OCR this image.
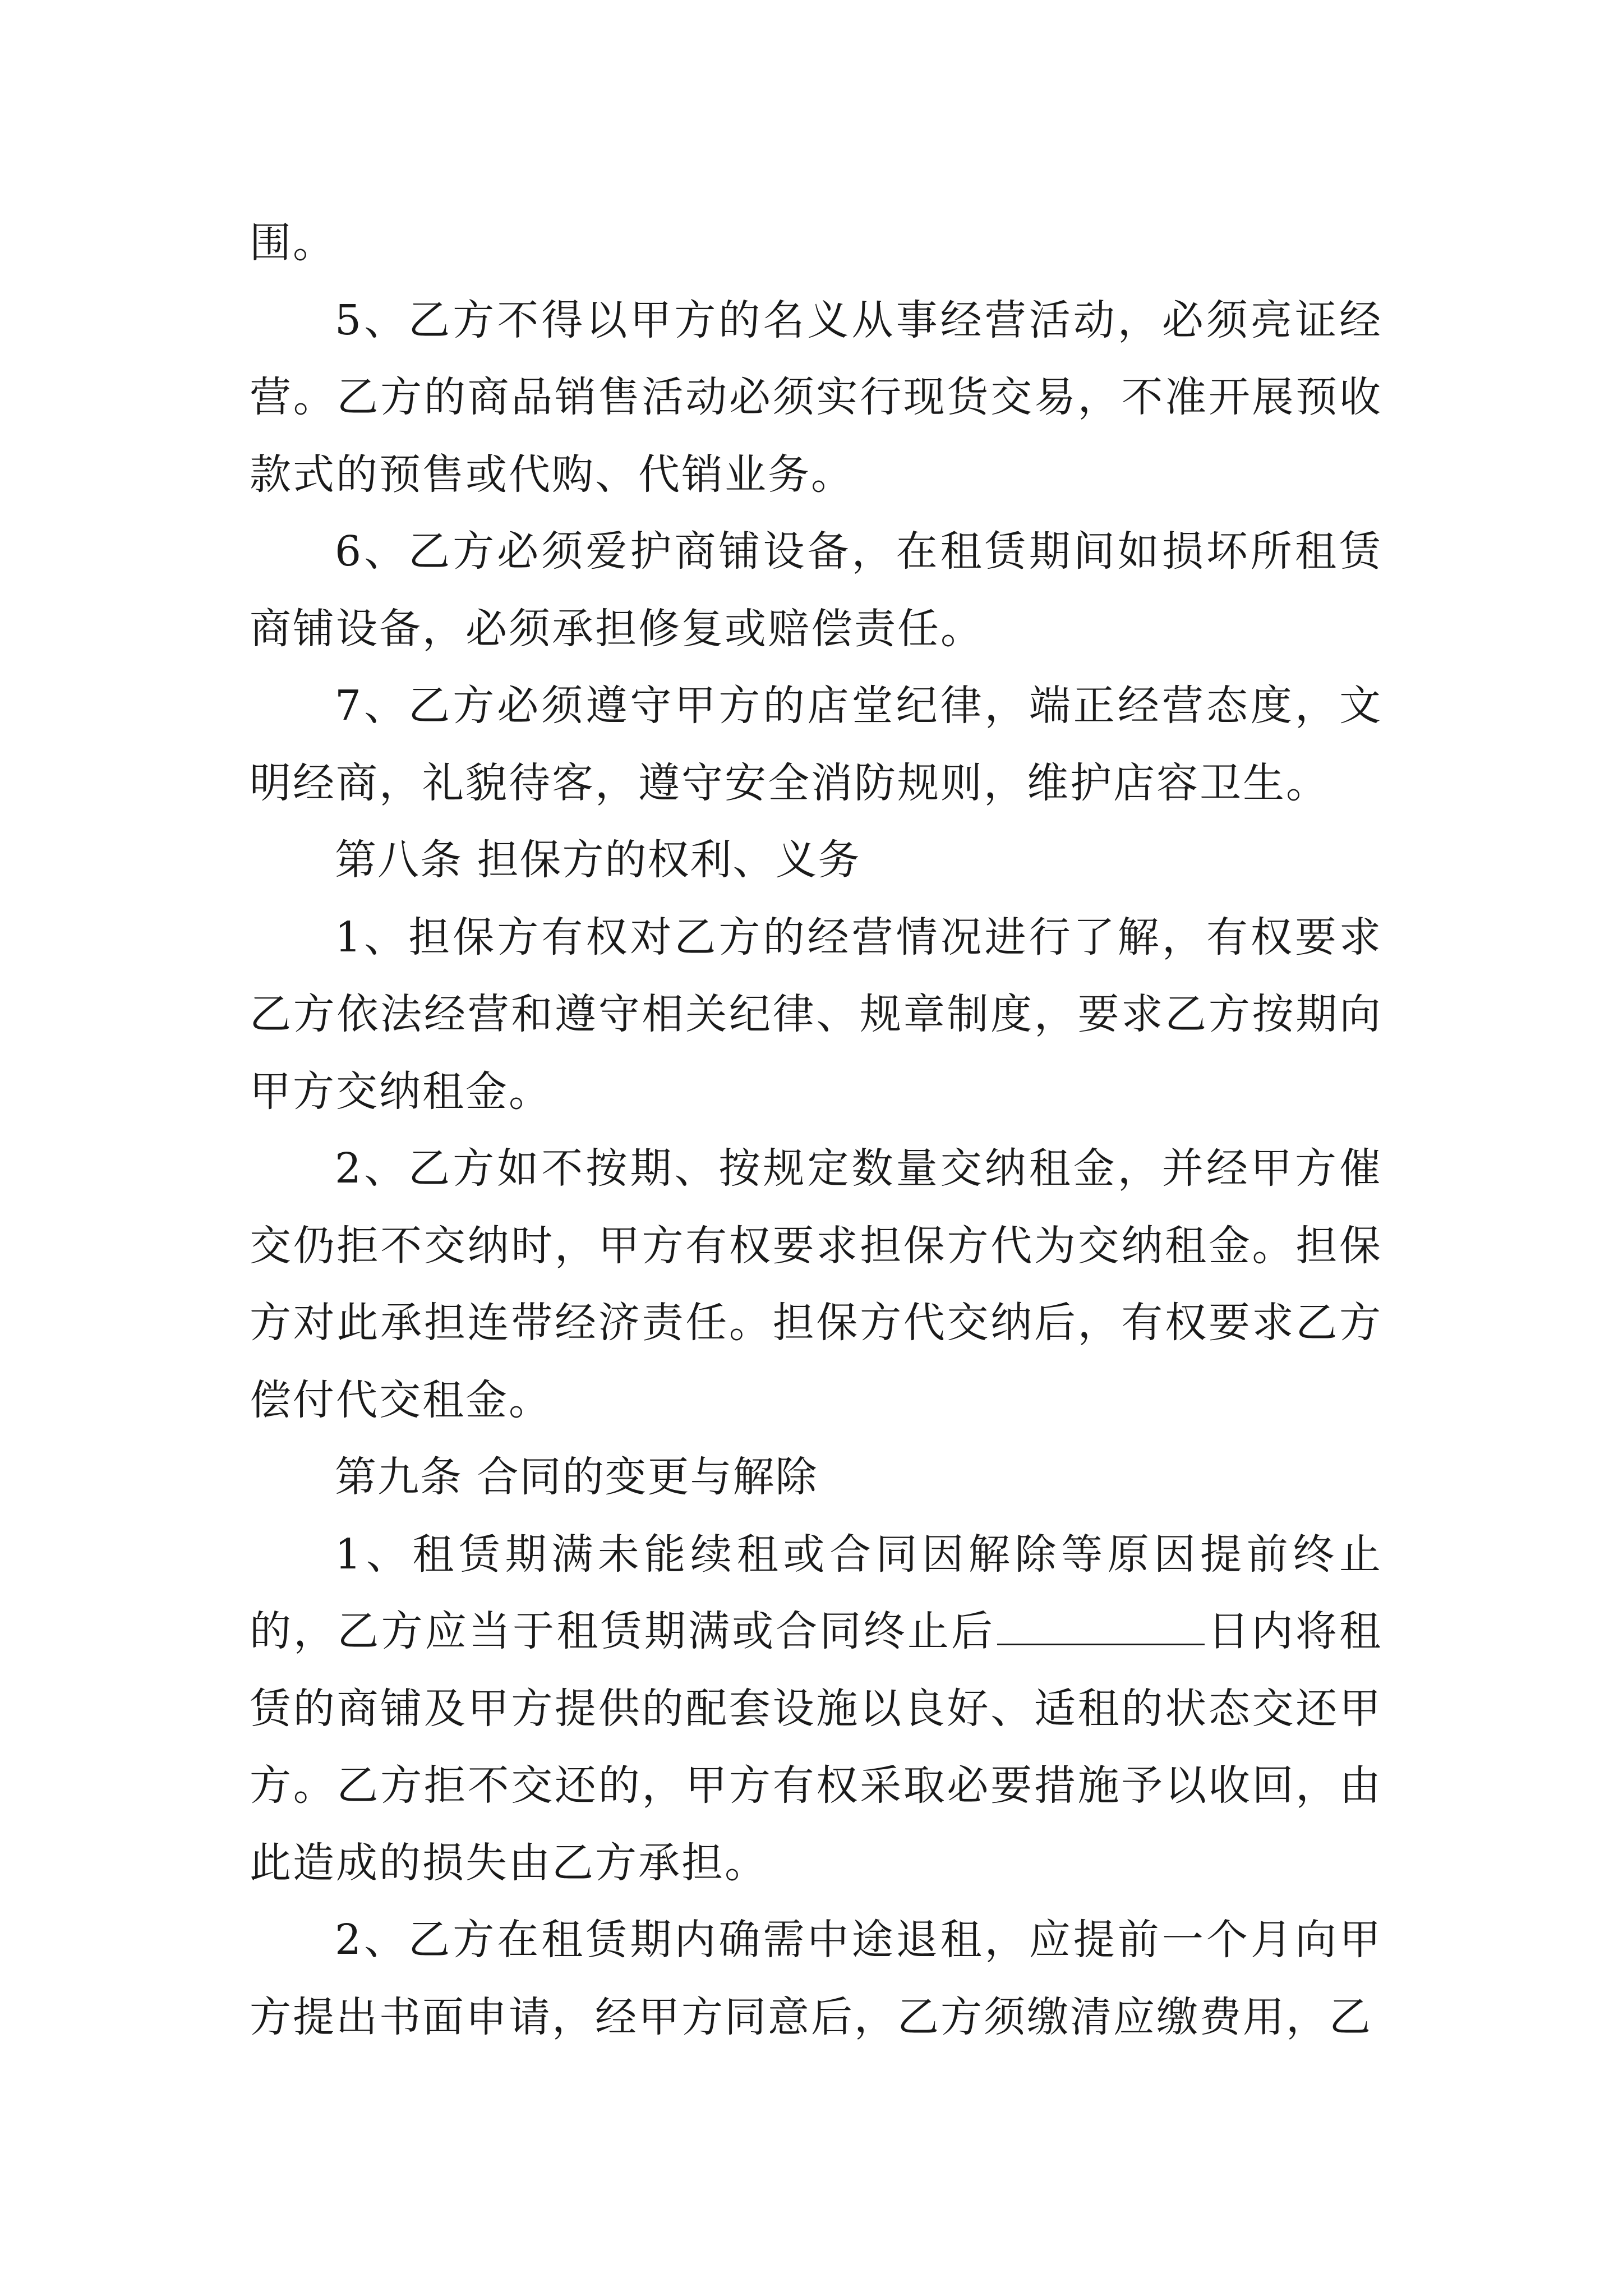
围。

5、乙方不得以甲方的名义从事经营活动，必须亮证经营。乙方的商品销售活动必须实行现货交易，不准开展预收款式的预售或代购、代销业务。

6、乙方必须爱护商铺设备，在租赁期间如损坏所租赁商铺设备，必须承担修复或赔偿责任。

7、乙方必须遵守甲方的店堂纪律，端正经营态度，文明经商，礼貌待客，遵守安全消防规则，维护店容卫生。

第八条 担保方的权利、义务

1、担保方有权对乙方的经营情况进行了解，有权要求乙方依法经营和遵守相关纪律、规章制度，要求乙方按期向甲方交纳租金。

2、乙方如不按期、按规定数量交纳租金，并经甲方催交仍拒不交纳时，甲方有权要求担保方代为交纳租金。担保方对此承担连带经济责任。担保方代交纳后，有权要求乙方偿付代交租金。

第九条 合同的变更与解除

1、租赁期满未能续租或合同因解除等原因提前终止的，乙方应当于租赁期满或合同终止后	日内将租赁的商铺及甲方提供的配套设施以良好、适租的状态交还甲方。乙方拒不交还的，甲方有权采取必要措施予以收回，由此造成的损失由乙方承担。

2、乙方在租赁期内确需中途退租，应提前一个月向甲方提出书面申请，经甲方同意后，乙方须缴清应缴费用，乙
